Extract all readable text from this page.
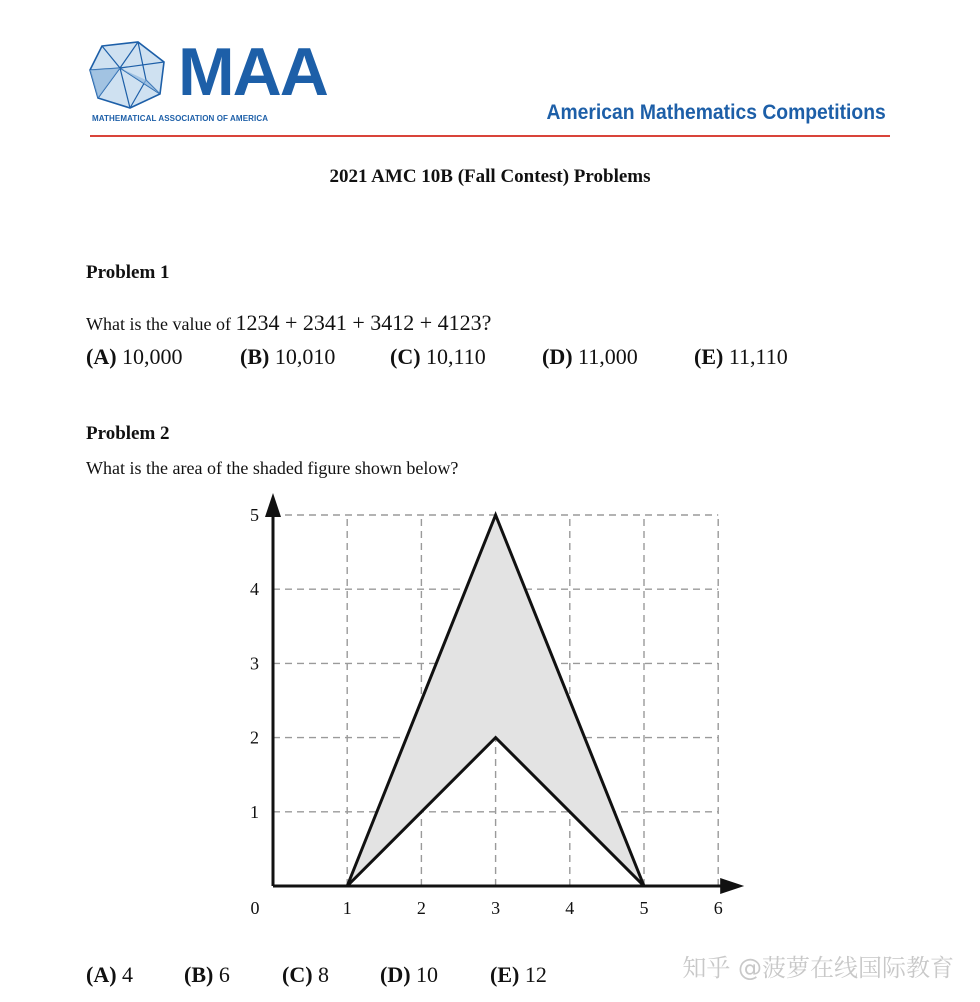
MAA
MATHEMATICAL ASSOCIATION OF AMERICA	American Mathematics Competitions
2021 AMC 10B (Fall Contest) Problems
Problem 1
What is the value of 1234 + 2341 + 3412 + 4123?
(A) 10,000	(B) 10,010 (C) 10,110	(D) 11,000	(E) 11,110
Problem 2
What is the area of the shaded figure shown below?
0	1	2	3	4	5	6
1
2
3
4
5
(A) 4 (B) 6 (C) 8 (D) 10 (E) 12	知乎 @菠萝在线国际教育
